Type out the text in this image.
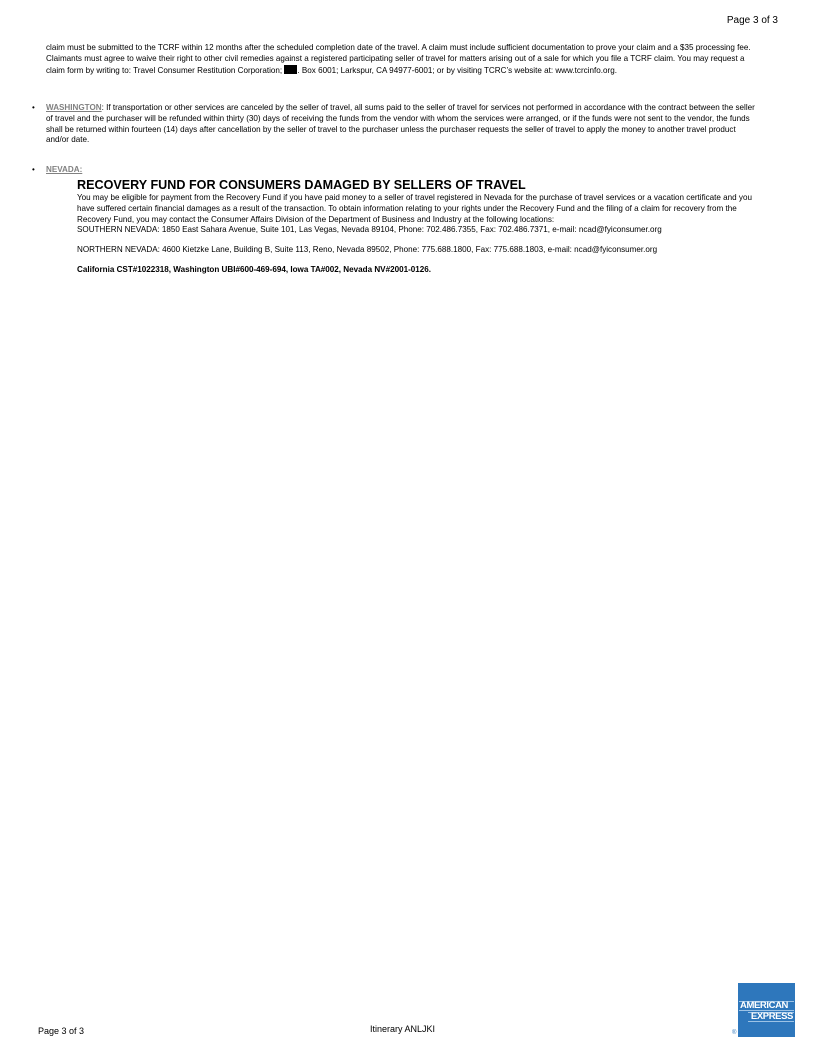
Page 3 of 3

claim must be submitted to the TCRF within 12 months after the scheduled completion date of the travel. A claim must include sufficient documentation to prove your claim and a $35 processing fee. Claimants must agree to waive their right to other civil remedies against a registered participating seller of travel for matters arising out of a sale for which you file a TCRF claim. You may request a claim form by writing to: Travel Consumer Restitution Corporation; . Box 6001; Larkspur, CA 94977-6001; or by visiting TCRC’s website at: www.tcrcinfo.org.

• WASHINGTON: If transportation or other services are canceled by the seller of travel, all sums paid to the seller of travel for services not performed in accordance with the contract between the seller of travel and the purchaser will be refunded within thirty (30) days of receiving the funds from the vendor with whom the services were arranged, or if the funds were not sent to the vendor, the funds shall be returned within fourteen (14) days after cancellation by the seller of travel to the purchaser unless the purchaser requests the seller of travel to apply the money to another travel product and/or date.

• NEVADA:

RECOVERY FUND FOR CONSUMERS DAMAGED BY SELLERS OF TRAVEL

You may be eligible for payment from the Recovery Fund if you have paid money to a seller of travel registered in Nevada for the purchase of travel services or a vacation certificate and you have suffered certain financial damages as a result of the transaction. To obtain information relating to your rights under the Recovery Fund and the filing of a claim for recovery from the Recovery Fund, you may contact the Consumer Affairs Division of the Department of Business and Industry at the following locations:

SOUTHERN NEVADA: 1850 East Sahara Avenue, Suite 101, Las Vegas, Nevada 89104, Phone: 702.486.7355, Fax: 702.486.7371, e-mail: ncad@fyiconsumer.org

NORTHERN NEVADA: 4600 Kietzke Lane, Building B, Suite 113, Reno, Nevada 89502, Phone: 775.688.1800, Fax: 775.688.1803, e-mail: ncad@fyiconsumer.org

California CST#1022318, Washington UBI#600-469-694, Iowa TA#002, Nevada NV#2001-0126.

Page 3 of 3	Itinerary ANLJKI
AMERICAN
EXPRESS
®
